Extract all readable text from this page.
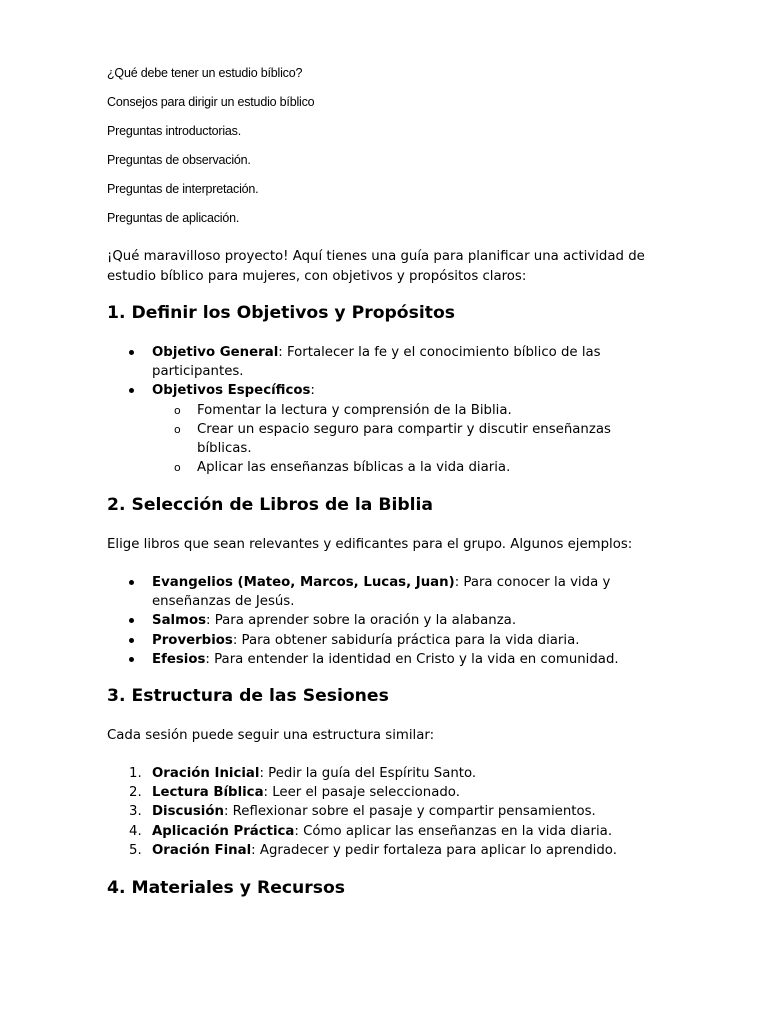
¿Qué debe tener un estudio bíblico?
Consejos para dirigir un estudio bíblico
Preguntas introductorias.
Preguntas de observación.
Preguntas de interpretación.
Preguntas de aplicación.
¡Qué maravilloso proyecto! Aquí tienes una guía para planificar una actividad de estudio bíblico para mujeres, con objetivos y propósitos claros:
1. Definir los Objetivos y Propósitos
Objetivo General: Fortalecer la fe y el conocimiento bíblico de las participantes.
Objetivos Específicos:
o Fomentar la lectura y comprensión de la Biblia.
o Crear un espacio seguro para compartir y discutir enseñanzas bíblicas.
o Aplicar las enseñanzas bíblicas a la vida diaria.
2. Selección de Libros de la Biblia
Elige libros que sean relevantes y edificantes para el grupo. Algunos ejemplos:
Evangelios (Mateo, Marcos, Lucas, Juan): Para conocer la vida y enseñanzas de Jesús.
Salmos: Para aprender sobre la oración y la alabanza.
Proverbios: Para obtener sabiduría práctica para la vida diaria.
Efesios: Para entender la identidad en Cristo y la vida en comunidad.
3. Estructura de las Sesiones
Cada sesión puede seguir una estructura similar:
1. Oración Inicial: Pedir la guía del Espíritu Santo.
2. Lectura Bíblica: Leer el pasaje seleccionado.
3. Discusión: Reflexionar sobre el pasaje y compartir pensamientos.
4. Aplicación Práctica: Cómo aplicar las enseñanzas en la vida diaria.
5. Oración Final: Agradecer y pedir fortaleza para aplicar lo aprendido.
4. Materiales y Recursos
